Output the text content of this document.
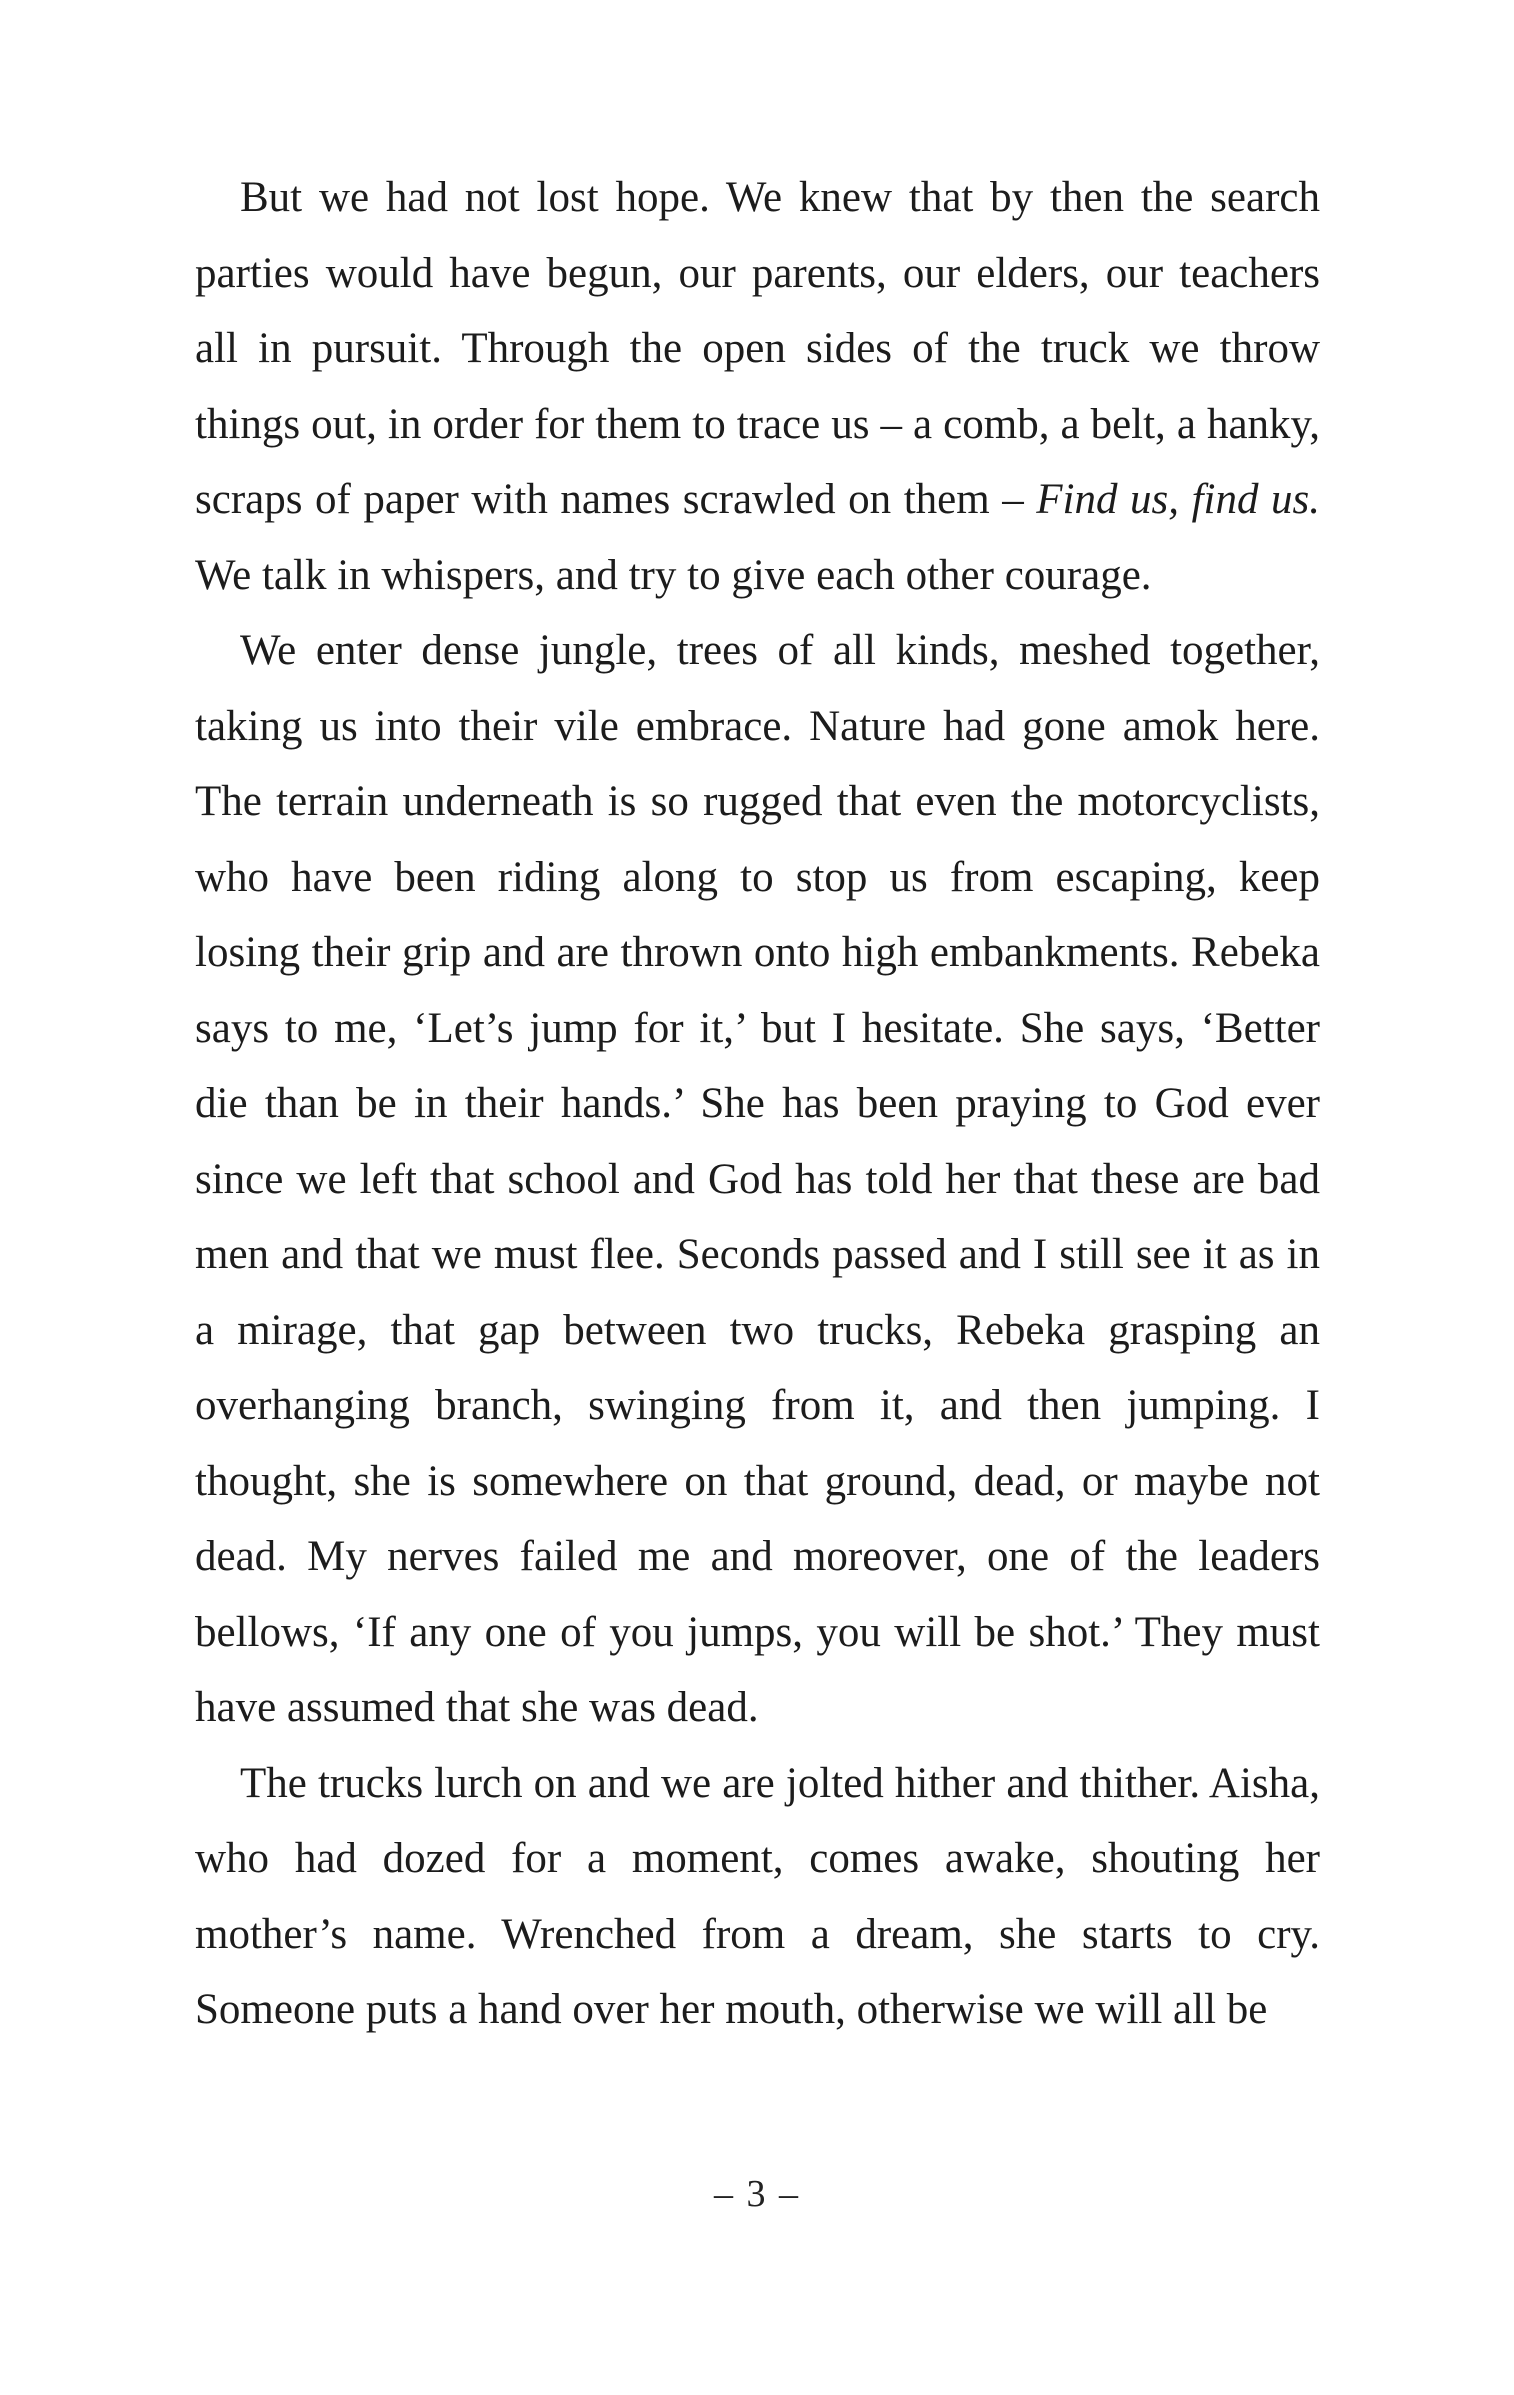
But we had not lost hope. We knew that by then the search parties would have begun, our parents, our elders, our teachers all in pursuit. Through the open sides of the truck we throw things out, in order for them to trace us – a comb, a belt, a hanky, scraps of paper with names scrawled on them – Find us, find us. We talk in whispers, and try to give each other courage.

We enter dense jungle, trees of all kinds, meshed together, taking us into their vile embrace. Nature had gone amok here. The terrain underneath is so rugged that even the motorcyclists, who have been riding along to stop us from escaping, keep losing their grip and are thrown onto high embankments. Rebeka says to me, ‘Let’s jump for it,’ but I hesitate. She says, ‘Better die than be in their hands.’ She has been praying to God ever since we left that school and God has told her that these are bad men and that we must flee. Seconds passed and I still see it as in a mirage, that gap between two trucks, Rebeka grasping an overhanging branch, swinging from it, and then jumping. I thought, she is somewhere on that ground, dead, or maybe not dead. My nerves failed me and moreover, one of the leaders bellows, ‘If any one of you jumps, you will be shot.’ They must have assumed that she was dead.

The trucks lurch on and we are jolted hither and thither. Aisha, who had dozed for a moment, comes awake, shouting her mother’s name. Wrenched from a dream, she starts to cry. Someone puts a hand over her mouth, otherwise we will all be

– 3 –
